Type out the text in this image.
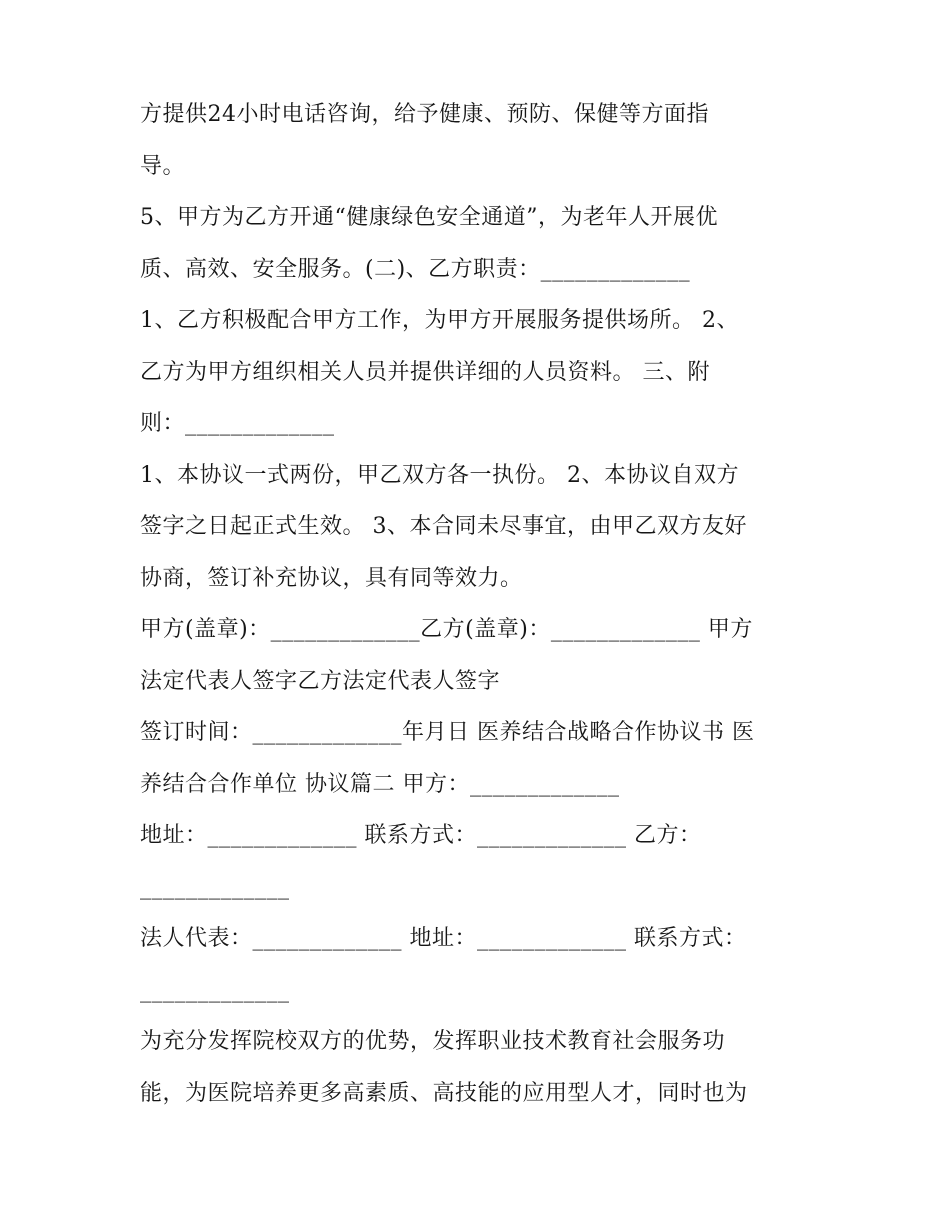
方提供24小时电话咨询，给予健康、预防、保健等方面指
导。
5、甲方为乙方开通“健康绿色安全通道”，为老年人开展优
质、高效、安全服务。(二)、乙方职责：_____________
1、乙方积极配合甲方工作，为甲方开展服务提供场所。 2、
乙方为甲方组织相关人员并提供详细的人员资料。 三、附
则：_____________
1、本协议一式两份，甲乙双方各一执份。 2、本协议自双方
签字之日起正式生效。 3、本合同未尽事宜，由甲乙双方友好
协商，签订补充协议，具有同等效力。
甲方(盖章)：_____________乙方(盖章)：_____________ 甲方
法定代表人签字乙方法定代表人签字
签订时间：_____________年月日 医养结合战略合作协议书 医
养结合合作单位 协议篇二 甲方：_____________
地址：_____________ 联系方式：_____________ 乙方：
_____________
法人代表：_____________ 地址：_____________ 联系方式：
_____________
为充分发挥院校双方的优势，发挥职业技术教育社会服务功
能，为医院培养更多高素质、高技能的应用型人才，同时也为
